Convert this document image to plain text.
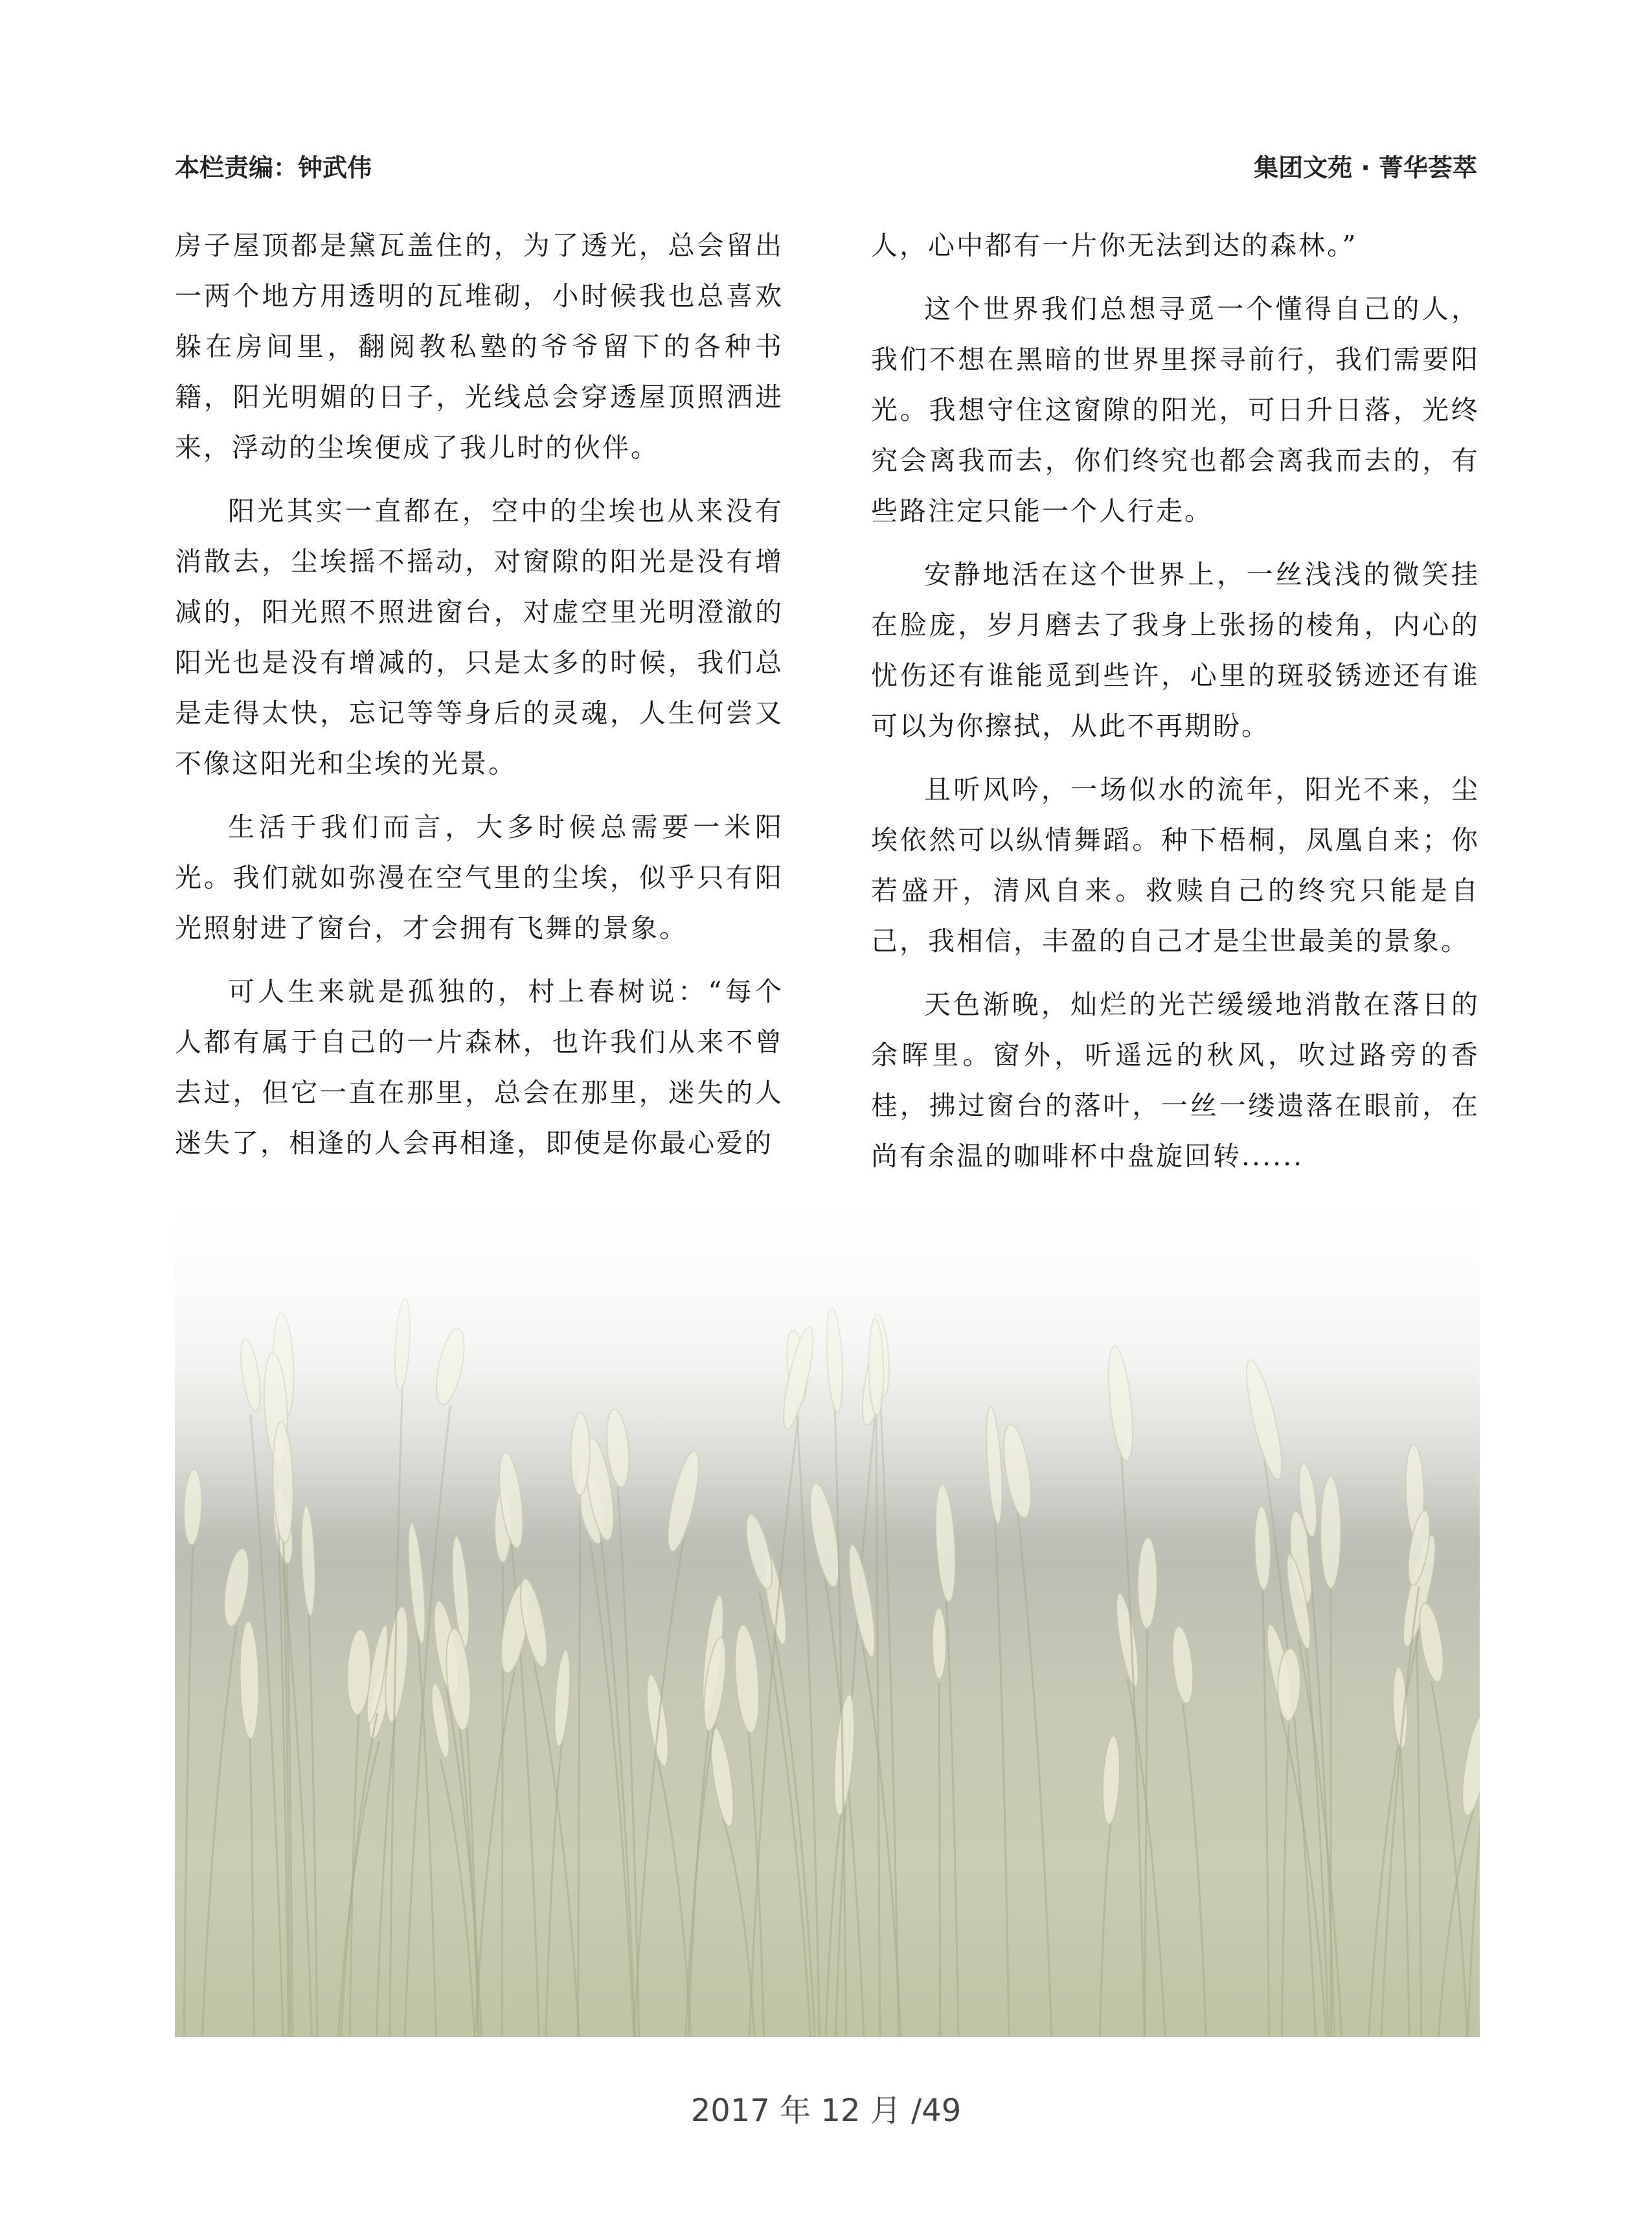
本栏责编：钟武伟	集团文苑 · 菁华荟萃

房子屋顶都是黛瓦盖住的，为了透光，总会留出一两个地方用透明的瓦堆砌，小时候我也总喜欢躲在房间里，翻阅教私塾的爷爷留下的各种书籍，阳光明媚的日子，光线总会穿透屋顶照洒进来，浮动的尘埃便成了我儿时的伙伴。

阳光其实一直都在，空中的尘埃也从来没有消散去，尘埃摇不摇动，对窗隙的阳光是没有增减的，阳光照不照进窗台，对虚空里光明澄澈的阳光也是没有增减的，只是太多的时候，我们总是走得太快，忘记等等身后的灵魂，人生何尝又不像这阳光和尘埃的光景。

生活于我们而言，大多时候总需要一米阳光。我们就如弥漫在空气里的尘埃，似乎只有阳光照射进了窗台，才会拥有飞舞的景象。

可人生来就是孤独的，村上春树说：“每个人都有属于自己的一片森林，也许我们从来不曾去过，但它一直在那里，总会在那里，迷失的人迷失了，相逢的人会再相逢，即使是你最心爱的

人，心中都有一片你无法到达的森林。”

这个世界我们总想寻觅一个懂得自己的人，我们不想在黑暗的世界里探寻前行，我们需要阳光。我想守住这窗隙的阳光，可日升日落，光终究会离我而去，你们终究也都会离我而去的，有些路注定只能一个人行走。

安静地活在这个世界上，一丝浅浅的微笑挂在脸庞，岁月磨去了我身上张扬的棱角，内心的忧伤还有谁能觅到些许，心里的斑驳锈迹还有谁可以为你擦拭，从此不再期盼。

且听风吟，一场似水的流年，阳光不来，尘埃依然可以纵情舞蹈。种下梧桐，凤凰自来；你若盛开，清风自来。救赎自己的终究只能是自己，我相信，丰盈的自己才是尘世最美的景象。

天色渐晚，灿烂的光芒缓缓地消散在落日的余晖里。窗外，听遥远的秋风，吹过路旁的香桂，拂过窗台的落叶，一丝一缕遗落在眼前，在尚有余温的咖啡杯中盘旋回转......

2017 年 12 月 /49
